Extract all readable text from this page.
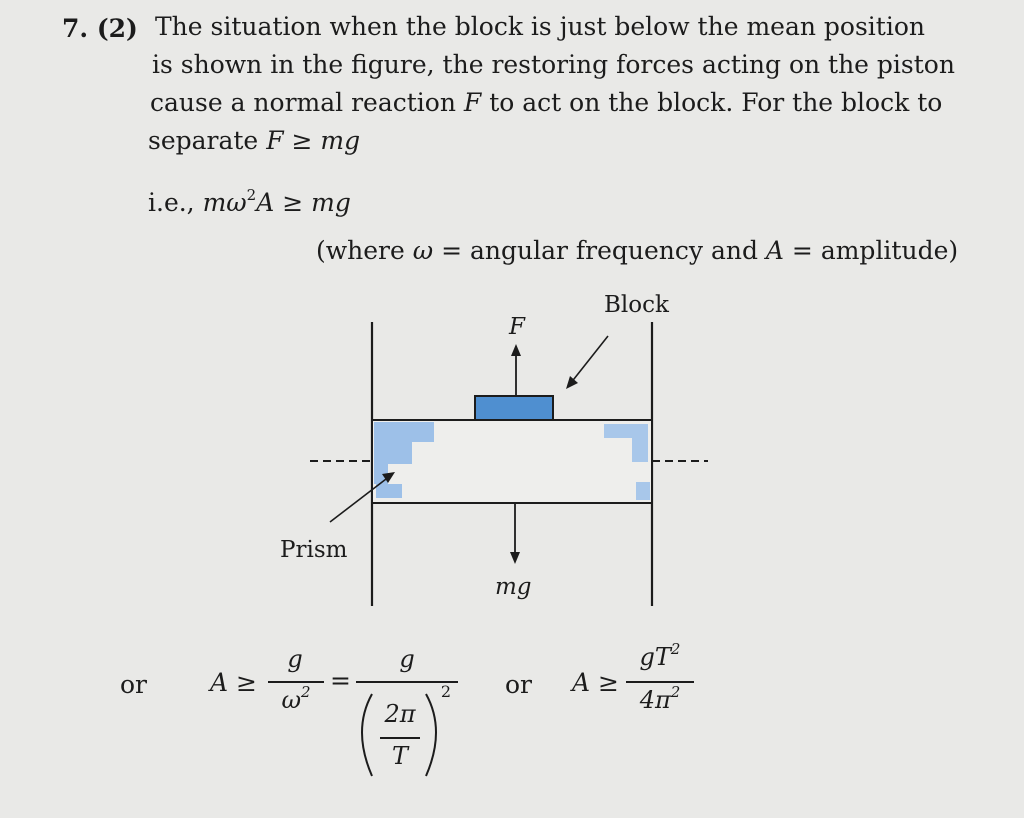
7. (2) The situation when the block is just below the mean position
is shown in the figure, the restoring forces acting on the piston
cause a normal reaction F to act on the block. For the block to
separate F ≥ mg
i.e., $m\omega^2A$ ≥ mg
(where ω = angular frequency and A = amplitude)
Block
F
Prism
mg
or	A ≥
g
$\omega^2$ =
g
2π
T
2 or A ≥
$gT^2$
$4\pi^2$
